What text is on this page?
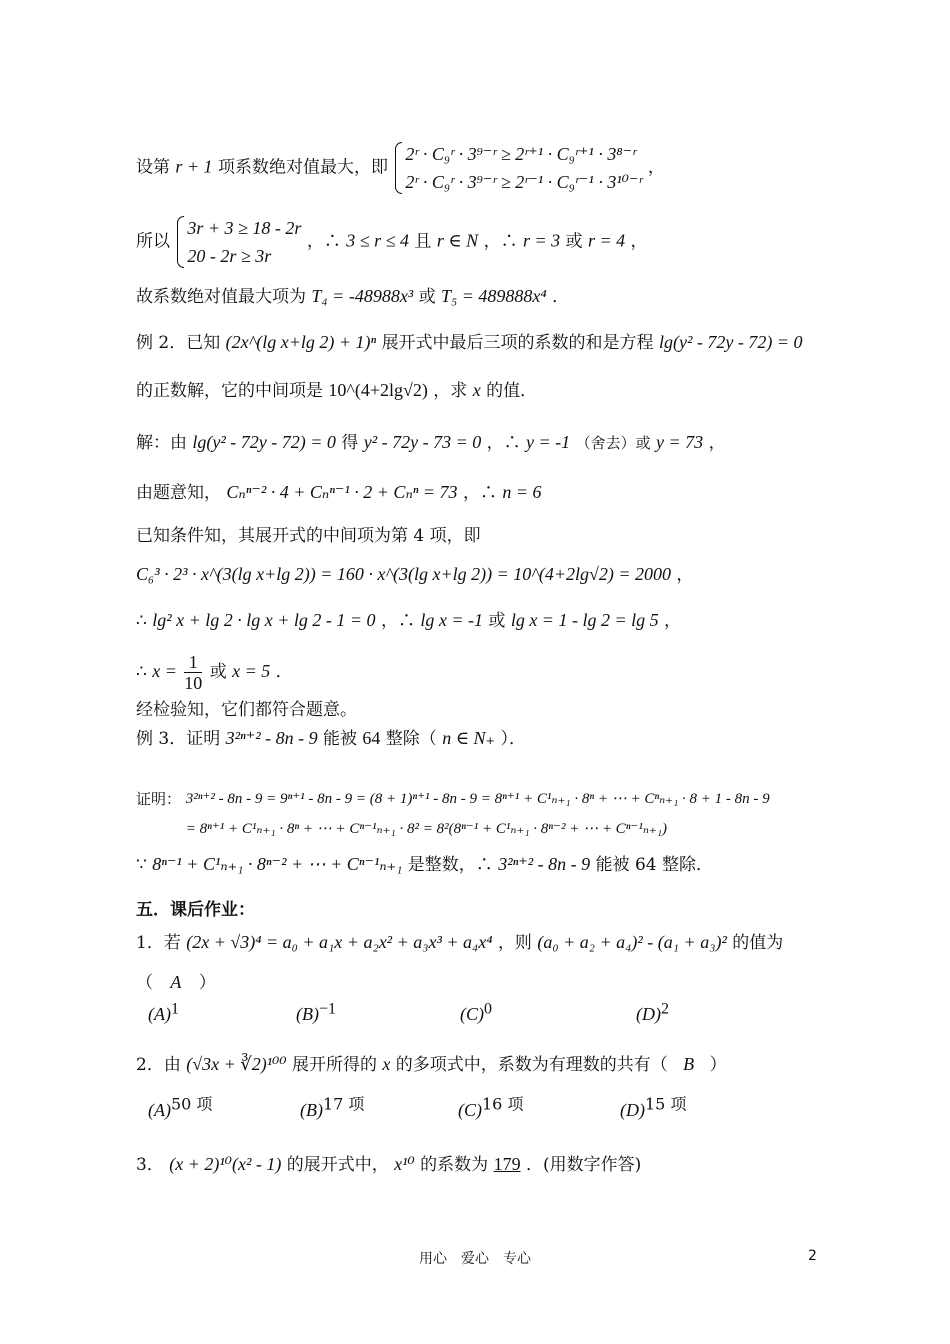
设第 r + 1 项系数绝对值最大，即
2ʳ · C₉ʳ · 3⁹⁻ʳ ≥ 2ʳ⁺¹ · C₉ʳ⁺¹ · 3⁸⁻ʳ
2ʳ · C₉ʳ · 3⁹⁻ʳ ≥ 2ʳ⁻¹ · C₉ʳ⁻¹ · 3¹⁰⁻ʳ
，
所以
3r + 3 ≥ 18 - 2r
20 - 2r ≥ 3r
，∴ 3 ≤ r ≤ 4 且 r ∈ N ，∴ r = 3 或 r = 4 ，
故系数绝对值最大项为 T₄ = -48988x³ 或 T₅ = 489888x⁴ ．
例 2．已知 (2x^(lg x+lg 2) + 1)ⁿ 展开式中最后三项的系数的和是方程 lg(y² - 72y - 72) = 0
的正数解，它的中间项是 10^(4+2lg√2) ，求 x 的值．
解：由 lg(y² - 72y - 72) = 0 得 y² - 72y - 73 = 0 ，∴ y = -1 （舍去）或 y = 73 ，
由题意知， Cₙⁿ⁻² · 4 + Cₙⁿ⁻¹ · 2 + Cₙⁿ = 73 ，∴ n = 6
已知条件知，其展开式的中间项为第 4 项，即
C₆³ · 2³ · x^(3(lg x+lg 2)) = 160 · x^(3(lg x+lg 2)) = 10^(4+2lg√2) = 2000 ，
∴ lg² x + lg 2 · lg x + lg 2 - 1 = 0 ，∴ lg x = -1 或 lg x = 1 - lg 2 = lg 5 ，
∴ $x = \frac{1}{10}$ 或 x = 5 ．
经检验知，它们都符合题意。
例 3．证明 3²ⁿ⁺² - 8n - 9 能被 64 整除（ n ∈ N₊ ）．
证明： 3²ⁿ⁺² - 8n - 9 = 9ⁿ⁺¹ - 8n - 9 = (8 + 1)ⁿ⁺¹ - 8n - 9 = 8ⁿ⁺¹ + C¹ₙ₊₁ · 8ⁿ + ⋯ + Cⁿₙ₊₁ · 8 + 1 - 8n - 9
= 8ⁿ⁺¹ + C¹ₙ₊₁ · 8ⁿ + ⋯ + Cⁿ⁻¹ₙ₊₁ · 8² = 8²(8ⁿ⁻¹ + C¹ₙ₊₁ · 8ⁿ⁻² + ⋯ + Cⁿ⁻¹ₙ₊₁)
∵ 8ⁿ⁻¹ + C¹ₙ₊₁ · 8ⁿ⁻² + ⋯ + Cⁿ⁻¹ₙ₊₁ 是整数，∴ 3²ⁿ⁺² - 8n - 9 能被 64 整除．
五．课后作业：
1．若 (2x + √3)⁴ = a₀ + a₁x + a₂x² + a₃x³ + a₄x⁴ ，则 (a₀ + a₂ + a₄)² - (a₁ + a₃)² 的值为
（ A ）
$(A)^1$	$(B)^{-1}$	$(C)^0$	$(D)^2$
2．由 (√3x + ∛2)¹⁰⁰ 展开所得的 x 的多项式中，系数为有理数的共有（ B ）
$(A)^{50 项}$	$(B)^{17 项}$	$(C)^{16 项}$	$(D)^{15 项}$
3． (x + 2)¹⁰(x² - 1) 的展开式中， x¹⁰ 的系数为 179 ．(用数字作答)
用心　爱心　专心	2
